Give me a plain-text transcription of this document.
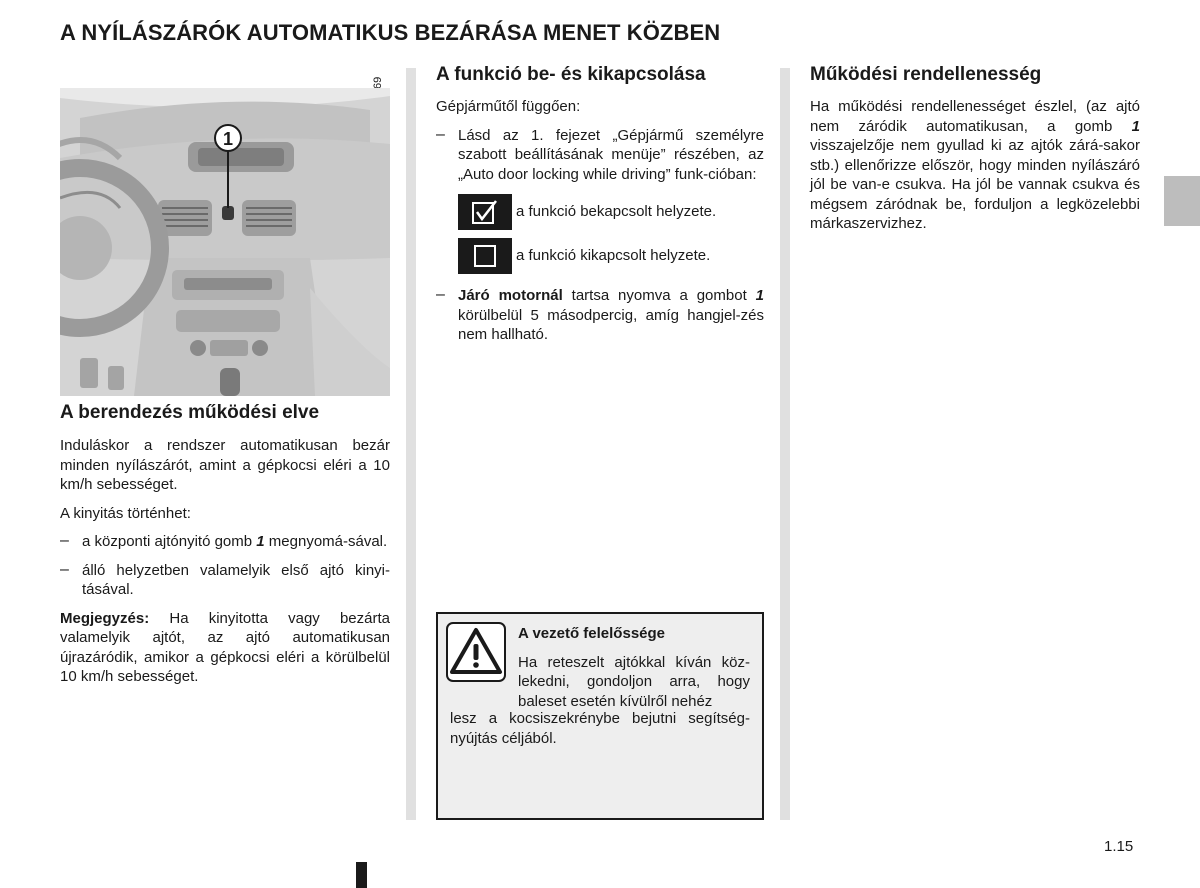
A NYÍLÁSZÁRÓK AUTOMATIKUS BEZÁRÁSA MENET KÖZBEN
1
A berendezés működési elve

Induláskor a rendszer automatikusan bezár minden nyílászárót, amint a gépkocsi eléri a 10 km/h sebességet.

A kinyitás történhet:

– a központi ajtónyitó gomb 1 megnyomá-sával.

– álló helyzetben valamelyik első ajtó kinyi-tásával.

Megjegyzés: Ha kinyitotta vagy bezárta valamelyik ajtót, az ajtó automatikusan újrazáródik, amikor a gépkocsi eléri a körülbelül 10 km/h sebességet.

A funkció be- és kikapcsolása

Gépjárműtől függően:

– Lásd az 1. fejezet „Gépjármű személyre szabott beállításának menüje” részében, az „Auto door locking while driving” funk-cióban:

a funkció bekapcsolt helyzete.

a funkció kikapcsolt helyzete.

– Járó motornál tartsa nyomva a gombot 1 körülbelül 5 másodpercig, amíg hangjel-zés nem hallható.

A vezető felelőssége

Ha reteszelt ajtókkal kíván köz-lekedni, gondoljon arra, hogy baleset esetén kívülről nehéz

lesz a kocsiszekrénybe bejutni segítség-nyújtás céljából.

Működési rendellenesség

Ha működési rendellenességet észlel, (az ajtó nem záródik automatikusan, a gomb 1 visszajelzője nem gyullad ki az ajtók zárá-sakor stb.) ellenőrizze először, hogy minden nyílászáró jól be van-e csukva. Ha jól be vannak csukva és mégsem záródnak be, forduljon a legközelebbi márkaszervizhez.

1.15
